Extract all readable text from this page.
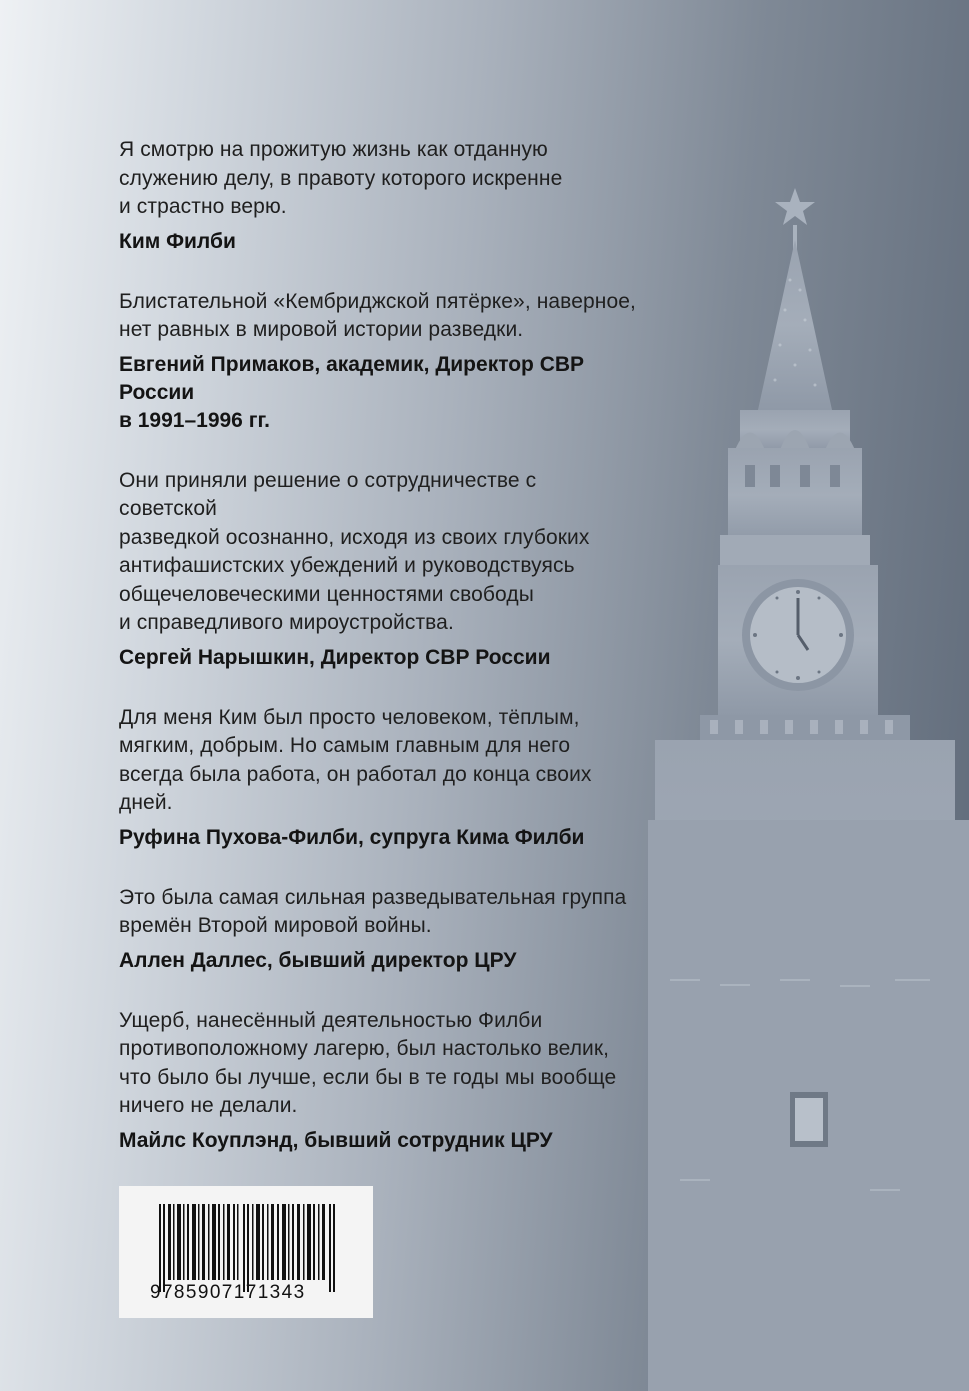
Я смотрю на прожитую жизнь как отданную
служению делу, в правоту которого искренне
и страстно верю.

Ким Филби

Блистательной «Кембриджской пятёрке», наверное,
нет равных в мировой истории разведки.

Евгений Примаков, академик, Директор СВР России
в 1991–1996 гг.

Они приняли решение о сотрудничестве с советской
разведкой осознанно, исходя из своих глубоких
антифашистских убеждений и руководствуясь
общечеловеческими ценностями свободы
и справедливого мироустройства.

Сергей Нарышкин, Директор СВР России

Для меня Ким был просто человеком, тёплым,
мягким, добрым. Но самым главным для него
всегда была работа, он работал до конца своих
дней.

Руфина Пухова-Филби, супруга Кима Филби

Это была самая сильная разведывательная группа
времён Второй мировой войны.

Аллен Даллес, бывший директор ЦРУ

Ущерб, нанесённый деятельностью Филби
противоположному лагерю, был настолько велик,
что было бы лучше, если бы в те годы мы вообще
ничего не делали.

Майлс Коуплэнд, бывший сотрудник ЦРУ

9785907171343
